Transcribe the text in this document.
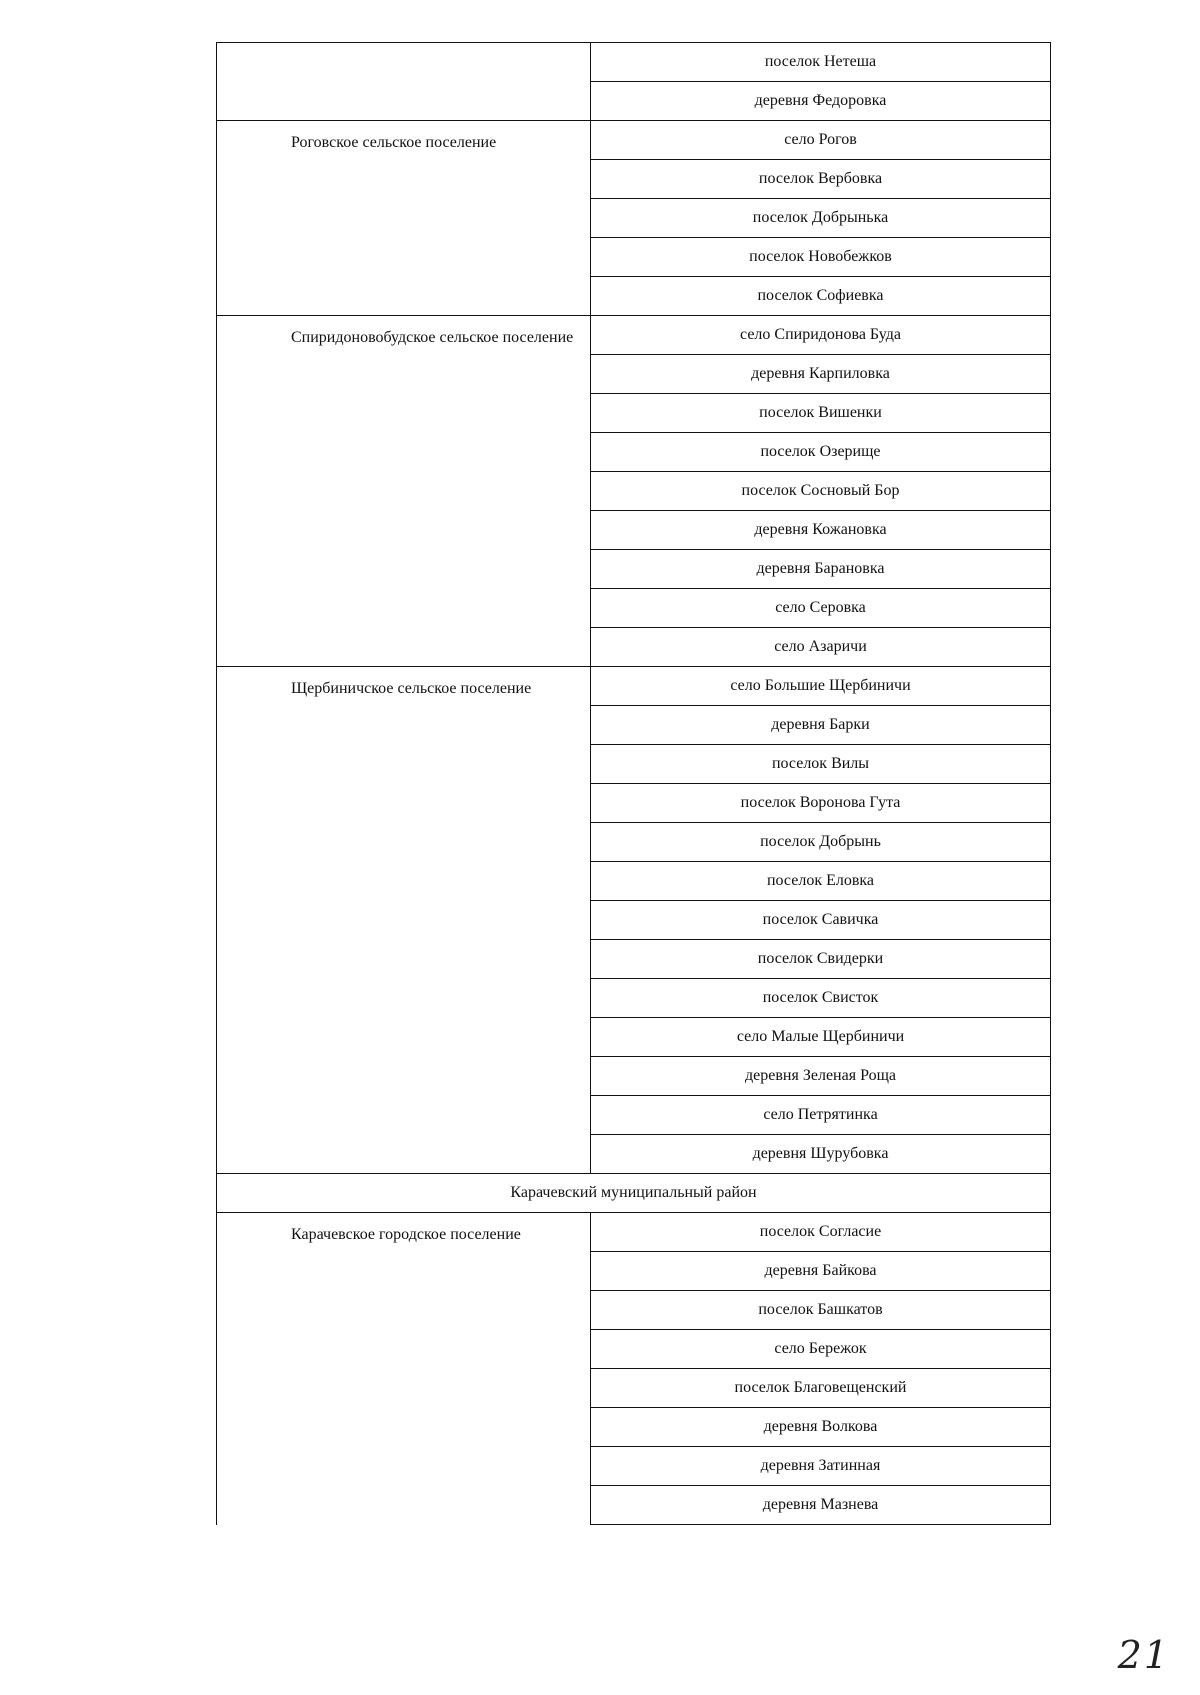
	поселок Нетеша
	деревня Федоровка

Роговское сельское поселение	село Рогов
	поселок Вербовка
	поселок Добрынька
	поселок Новобежков
	поселок Софиевка

Спиридоновобудское сельское поселение	село Спиридонова Буда
	деревня Карпиловка
	поселок Вишенки
	поселок Озерище
	поселок Сосновый Бор
	деревня Кожановка
	деревня Барановка
	село Серовка
	село Азаричи

Щербиничское сельское поселение	село Большие Щербиничи
	деревня Барки
	поселок Вилы
	поселок Воронова Гута
	поселок Добрынь
	поселок Еловка
	поселок Савичка
	поселок Свидерки
	поселок Свисток
	село Малые Щербиничи
	деревня Зеленая Роща
	село Петрятинка
	деревня Шурубовка
Карачевский муниципальный район	

Карачевское городское поселение	поселок Согласие
	деревня Байкова
	поселок Башкатов
	село Бережок
	поселок Благовещенский
	деревня Волкова
	деревня Затинная
	деревня Мазнева
21
